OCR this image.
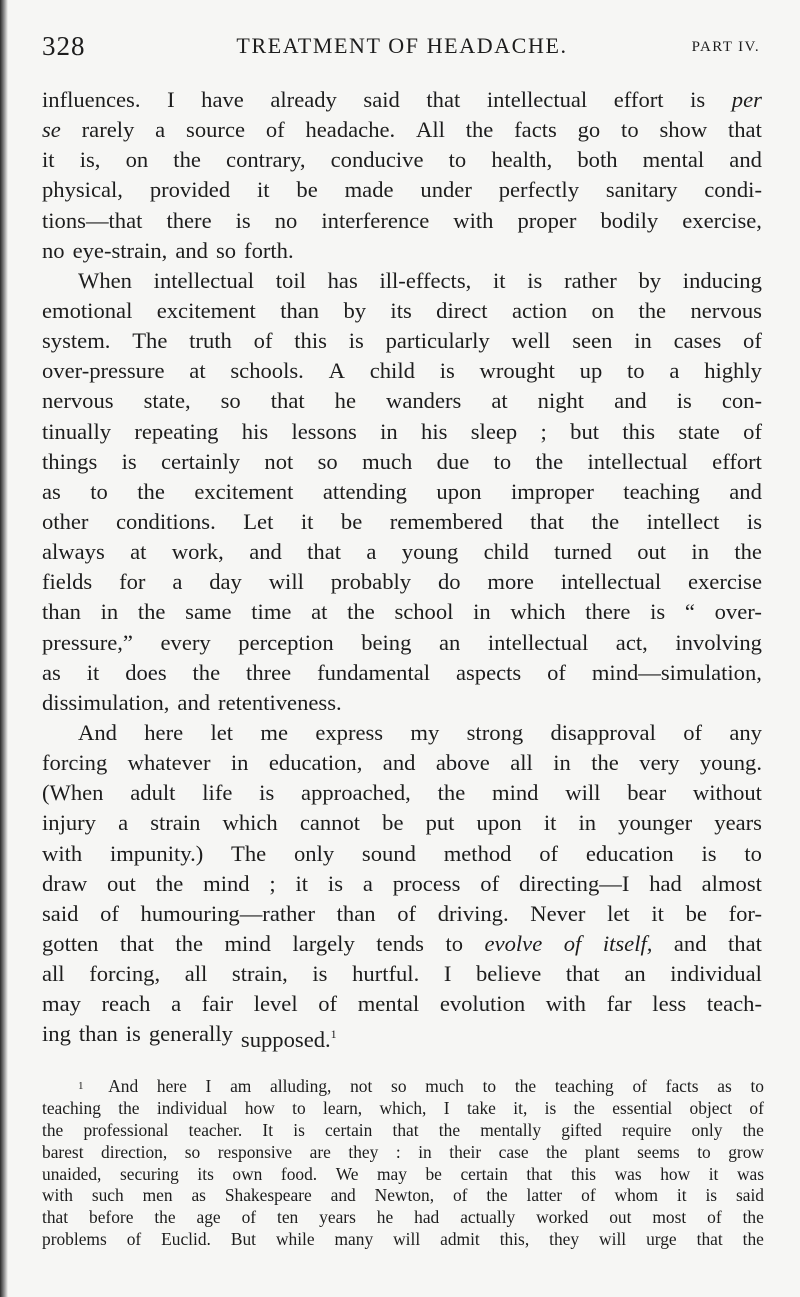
328	TREATMENT OF HEADACHE.	PART IV.
influences. I have already said that intellectual effort is per
se rarely a source of headache. All the facts go to show that
it is, on the contrary, conducive to health, both mental and
physical, provided it be made under perfectly sanitary condi-
tions—that there is no interference with proper bodily exercise,
no eye-strain, and so forth.
When intellectual toil has ill-effects, it is rather by inducing
emotional excitement than by its direct action on the nervous
system. The truth of this is particularly well seen in cases of
over-pressure at schools. A child is wrought up to a highly
nervous state, so that he wanders at night and is con-
tinually repeating his lessons in his sleep ; but this state of
things is certainly not so much due to the intellectual effort
as to the excitement attending upon improper teaching and
other conditions. Let it be remembered that the intellect is
always at work, and that a young child turned out in the
fields for a day will probably do more intellectual exercise
than in the same time at the school in which there is “ over-
pressure,” every perception being an intellectual act, involving
as it does the three fundamental aspects of mind—simulation,
dissimulation, and retentiveness.
And here let me express my strong disapproval of any
forcing whatever in education, and above all in the very young.
(When adult life is approached, the mind will bear without
injury a strain which cannot be put upon it in younger years
with impunity.) The only sound method of education is to
draw out the mind ; it is a process of directing—I had almost
said of humouring—rather than of driving. Never let it be for-
gotten that the mind largely tends to evolve of itself, and that
all forcing, all strain, is hurtful. I believe that an individual
may reach a fair level of mental evolution with far less teach-
ing than is generally supposed.$^1$
1 And here I am alluding, not so much to the teaching of facts as to
teaching the individual how to learn, which, I take it, is the essential object of
the professional teacher. It is certain that the mentally gifted require only the
barest direction, so responsive are they : in their case the plant seems to grow
unaided, securing its own food. We may be certain that this was how it was
with such men as Shakespeare and Newton, of the latter of whom it is said
that before the age of ten years he had actually worked out most of the
problems of Euclid. But while many will admit this, they will urge that the
